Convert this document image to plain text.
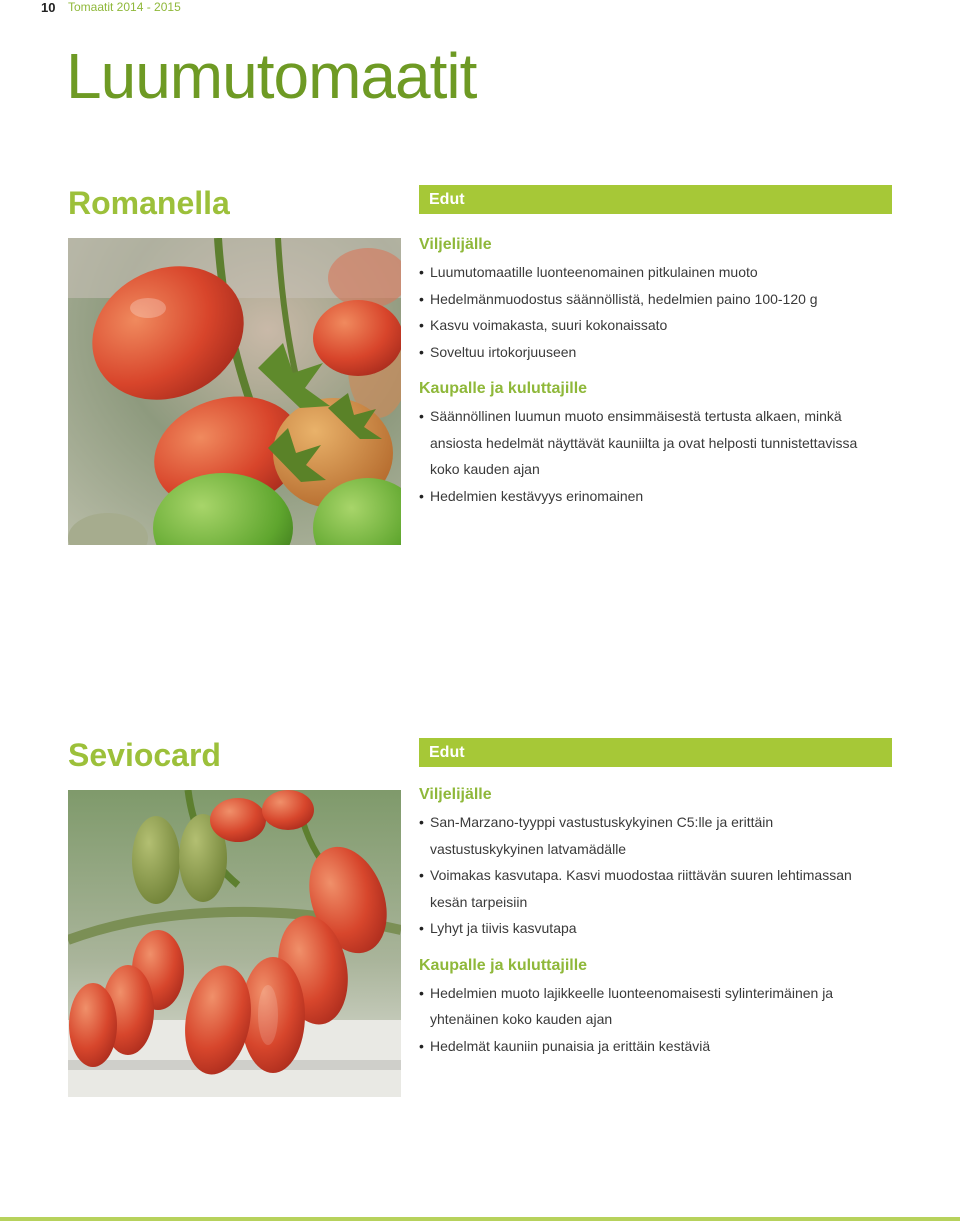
10 Tomaatit 2014 - 2015
Luumutomaatit
Romanella	Edut
Viljelijälle
• Luumutomaatille luonteenomainen pitkulainen muoto
• Hedelmänmuodostus säännöllistä, hedelmien paino 100-120 g
• Kasvu voimakasta, suuri kokonaissato
• Soveltuu irtokorjuuseen
Kaupalle ja kuluttajille
• Säännöllinen luumun muoto ensimmäisestä tertusta alkaen, minkä ansiosta hedelmät näyttävät kauniilta ja ovat helposti tunnistettavissa koko kauden ajan
• Hedelmien kestävyys erinomainen
Seviocard	Edut
Viljelijälle
• San-Marzano-tyyppi vastustuskykyinen C5:lle ja erittäin vastustuskykyinen latvamädälle
• Voimakas kasvutapa. Kasvi muodostaa riittävän suuren lehtimassan kesän tarpeisiin
• Lyhyt ja tiivis kasvutapa
Kaupalle ja kuluttajille
• Hedelmien muoto lajikkeelle luonteenomaisesti sylinterimäinen ja yhtenäinen koko kauden ajan
• Hedelmät kauniin punaisia ja erittäin kestäviä
